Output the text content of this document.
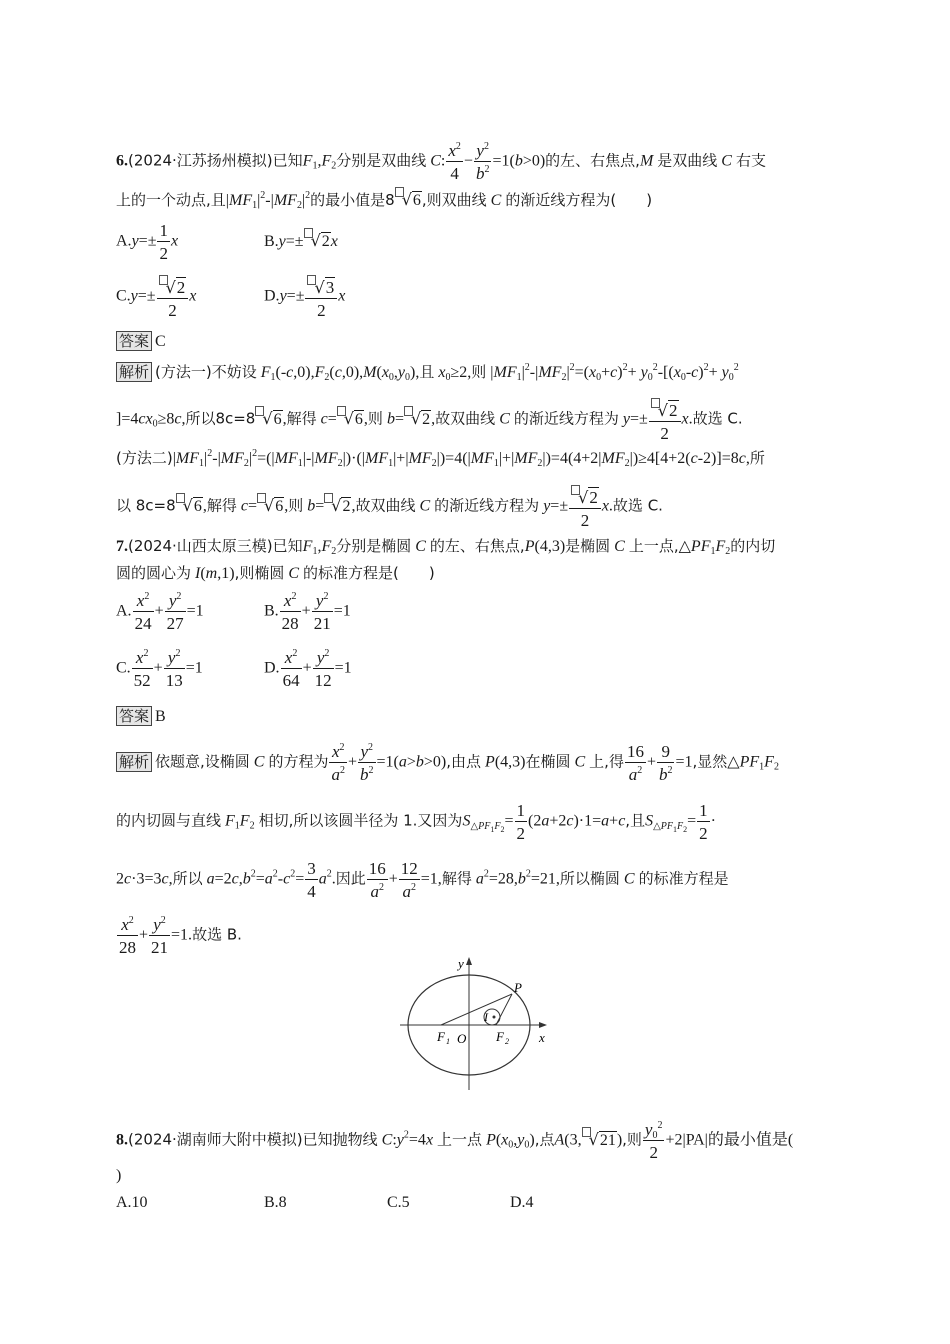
6.(2024·江苏扬州模拟)已知$F_1,F_2$分别是双曲线 C: $\frac{x^2}{4} - \frac{y^2}{b^2} =1(b>0)$的左、右焦点,M 是双曲线 C 右支
上的一个动点,且$|MF_1|^2-|MF_2|^2$的最小值是8 √6,则双曲线 C 的渐近线方程为(　　)
$A.y=\pm \frac{1}{2}$ x	B.y=± √2x
$C.y=\pm \frac{√2}{2}$ x	$D.y=\pm \frac{√3}{2}$ x
答案 C
解析 (方法一)不妨设 $F_1(-c,0),F_2(c,0),M(x_0,y_0)$,且 $x_0\ge 2$,则 $|MF_1|^2-|MF_2|^2=(x_0+c)^2+ y_0^2-[(x_0-c)^2+ y_0^2$
]$=4cx_0\ge 8c$,所以8c=8 √6,解得 c= √6,则 b= √2,故双曲线 C 的渐近线方程为 $y=\pm \frac{√2}{2} x$.故选 C.
(方法二)$|MF_1|^2-|MF_2|^2=(|MF_1|-|MF_2|)\cdot(|MF_1|+|MF_2|)=4(|MF_1|+|MF_2|)=4(4+2|MF_2|)\ge 4[4+2(c-2)]=8c$,所
以 8c=8 √6,解得 c= √6,则 b= √2,故双曲线 C 的渐近线方程为 $y=\pm \frac{√2}{2} x$.故选 C.
7.(2024·山西太原三模)已知$F_1,F_2$分别是椭圆 C 的左、右焦点,P(4,3)是椭圆 C 上一点$,\triangle PF_1F_2$的内切
圆的圆心为 I(m,1),则椭圆 C 的标准方程是(　　)
A. $\frac{x^2}{24} + \frac{y^2}{27} =1$	B. $\frac{x^2}{28} + \frac{y^2}{21} =1$
C. $\frac{x^2}{52} + \frac{y^2}{13} =1$	D. $\frac{x^2}{64} + \frac{y^2}{12} =1$
答案 B
解析 依题意,设椭圆 C 的方程为 $\frac{x^2}{a^2} + \frac{y^2}{b^2} =1(a>b>0)$,由点 P(4,3)在椭圆 C 上,得 $\frac{16}{a^2} + \frac{9}{b^2} =1$,显然$\triangle PF_1F_2$
的内切圆与直线 $F_1F_2$ 相切,所以该圆半径为 1.又因为$S_{\triangle PF_1F_2}= \frac{1}{2} (2a+2c)\cdot 1=a+c$,且$S_{\triangle PF_1F_2}= \frac{1}{2}$ ·
2c·3=3c,所以 $a=2c,b^2=a^2-c^2= \frac{3}{4} a^2$.因此 $\frac{16}{a^2} + \frac{12}{a^2} =1$,解得 $a^2=28,b^2=21$,所以椭圆 C 的标准方程是
$\frac{x^2}{28} + \frac{y^2}{21} =1$.故选 B.
y
x
P
I
O
F 1	F 2
8.(2024·湖南师大附中模拟)已知抛物线 $C:y^2=4x$ 上一点 $P(x_0,y_0)$,点A(3, √21),则 $\frac{y_0^2}{2} +2|PA|$的最小值是(
)
A.10	B.8	C.5	D.4
